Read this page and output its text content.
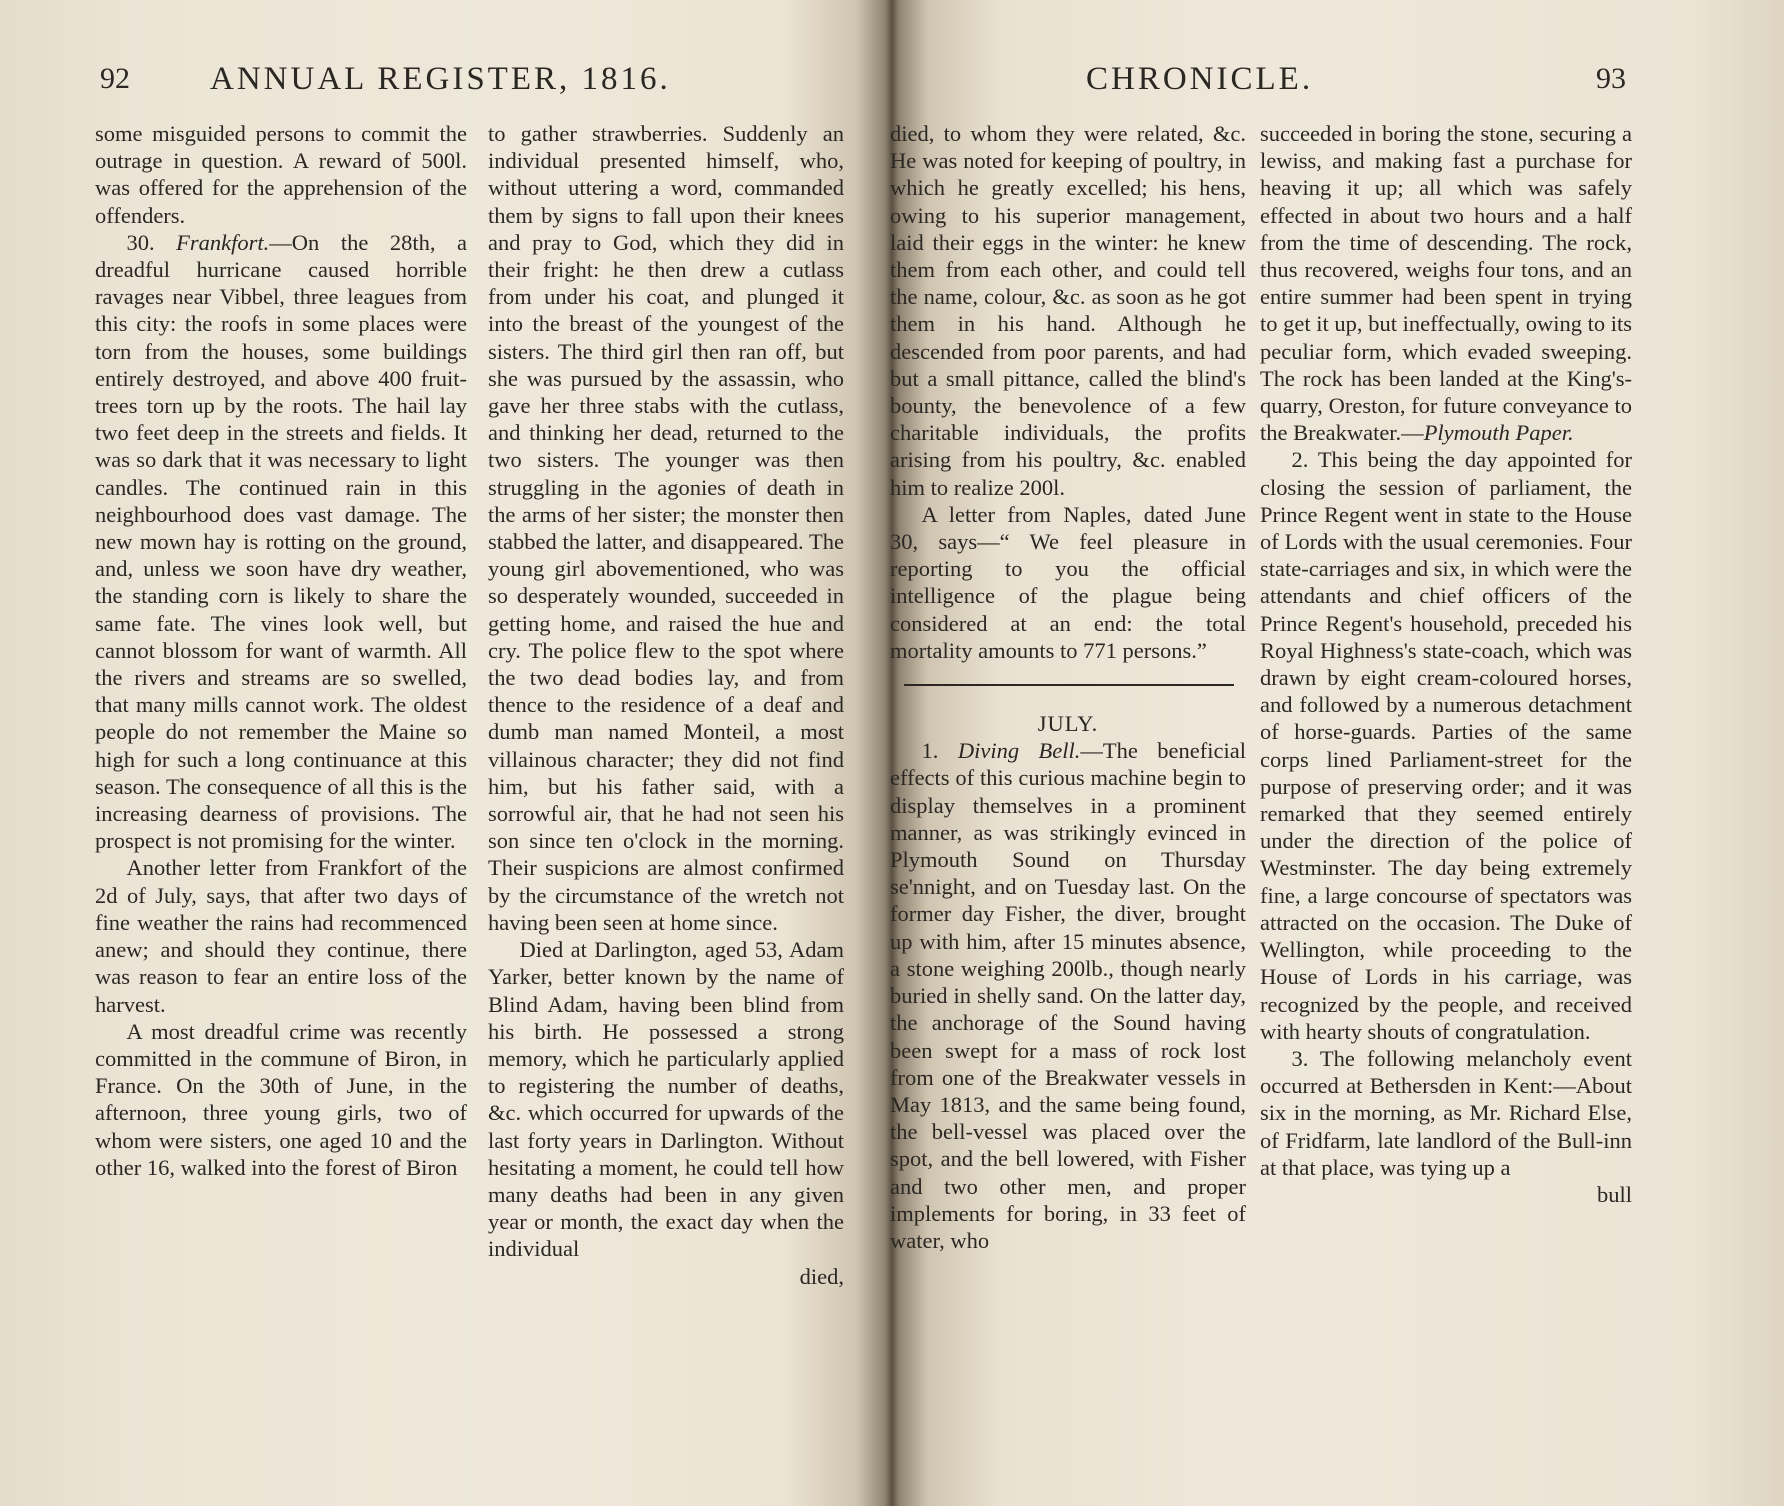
92 ANNUAL REGISTER, 1816.

some misguided persons to commit the outrage in question. A reward of 500l. was offered for the apprehension of the offenders.

30. Frankfort.—On the 28th, a dreadful hurricane caused horrible ravages near Vibbel, three leagues from this city: the roofs in some places were torn from the houses, some buildings entirely destroyed, and above 400 fruit-trees torn up by the roots. The hail lay two feet deep in the streets and fields. It was so dark that it was necessary to light candles. The continued rain in this neighbourhood does vast damage. The new mown hay is rotting on the ground, and, unless we soon have dry weather, the standing corn is likely to share the same fate. The vines look well, but cannot blossom for want of warmth. All the rivers and streams are so swelled, that many mills cannot work. The oldest people do not remember the Maine so high for such a long continuance at this season. The consequence of all this is the increasing dearness of provisions. The prospect is not promising for the winter.

Another letter from Frankfort of the 2d of July, says, that after two days of fine weather the rains had recommenced anew; and should they continue, there was reason to fear an entire loss of the harvest.

A most dreadful crime was recently committed in the commune of Biron, in France. On the 30th of June, in the afternoon, three young girls, two of whom were sisters, one aged 10 and the other 16, walked into the forest of Biron

to gather strawberries. Suddenly an individual presented himself, who, without uttering a word, commanded them by signs to fall upon their knees and pray to God, which they did in their fright: he then drew a cutlass from under his coat, and plunged it into the breast of the youngest of the sisters. The third girl then ran off, but she was pursued by the assassin, who gave her three stabs with the cutlass, and thinking her dead, returned to the two sisters. The younger was then struggling in the agonies of death in the arms of her sister; the monster then stabbed the latter, and disappeared. The young girl abovementioned, who was so desperately wounded, succeeded in getting home, and raised the hue and cry. The police flew to the spot where the two dead bodies lay, and from thence to the residence of a deaf and dumb man named Monteil, a most villainous character; they did not find him, but his father said, with a sorrowful air, that he had not seen his son since ten o'clock in the morning. Their suspicions are almost confirmed by the circumstance of the wretch not having been seen at home since.

Died at Darlington, aged 53, Adam Yarker, better known by the name of Blind Adam, having been blind from his birth. He possessed a strong memory, which he particularly applied to registering the number of deaths, &c. which occurred for upwards of the last forty years in Darlington. Without hesitating a moment, he could tell how many deaths had been in any given year or month, the exact day when the individual

died,

CHRONICLE.	93

died, to whom they were related, &c. He was noted for keeping of poultry, in which he greatly excelled; his hens, owing to his superior management, laid their eggs in the winter: he knew them from each other, and could tell the name, colour, &c. as soon as he got them in his hand. Although he descended from poor parents, and had but a small pittance, called the blind's bounty, the benevolence of a few charitable individuals, the profits arising from his poultry, &c. enabled him to realize 200l.

A letter from Naples, dated June 30, says—“ We feel pleasure in reporting to you the official intelligence of the plague being considered at an end: the total mortality amounts to 771 persons.”

JULY.

1. Diving Bell.—The beneficial effects of this curious machine begin to display themselves in a prominent manner, as was strikingly evinced in Plymouth Sound on Thursday se'nnight, and on Tuesday last. On the former day Fisher, the diver, brought up with him, after 15 minutes absence, a stone weighing 200lb., though nearly buried in shelly sand. On the latter day, the anchorage of the Sound having been swept for a mass of rock lost from one of the Breakwater vessels in May 1813, and the same being found, the bell-vessel was placed over the spot, and the bell lowered, with Fisher and two other men, and proper implements for boring, in 33 feet of water, who

succeeded in boring the stone, securing a lewiss, and making fast a purchase for heaving it up; all which was safely effected in about two hours and a half from the time of descending. The rock, thus recovered, weighs four tons, and an entire summer had been spent in trying to get it up, but ineffectually, owing to its peculiar form, which evaded sweeping. The rock has been landed at the King's-quarry, Oreston, for future conveyance to the Breakwater.—Plymouth Paper.

2. This being the day appointed for closing the session of parliament, the Prince Regent went in state to the House of Lords with the usual ceremonies. Four state-carriages and six, in which were the attendants and chief officers of the Prince Regent's household, preceded his Royal Highness's state-coach, which was drawn by eight cream-coloured horses, and followed by a numerous detachment of horse-guards. Parties of the same corps lined Parliament-street for the purpose of preserving order; and it was remarked that they seemed entirely under the direction of the police of Westminster. The day being extremely fine, a large concourse of spectators was attracted on the occasion. The Duke of Wellington, while proceeding to the House of Lords in his carriage, was recognized by the people, and received with hearty shouts of congratulation.

3. The following melancholy event occurred at Bethersden in Kent:—About six in the morning, as Mr. Richard Else, of Fridfarm, late landlord of the Bull-inn at that place, was tying up a

bull
